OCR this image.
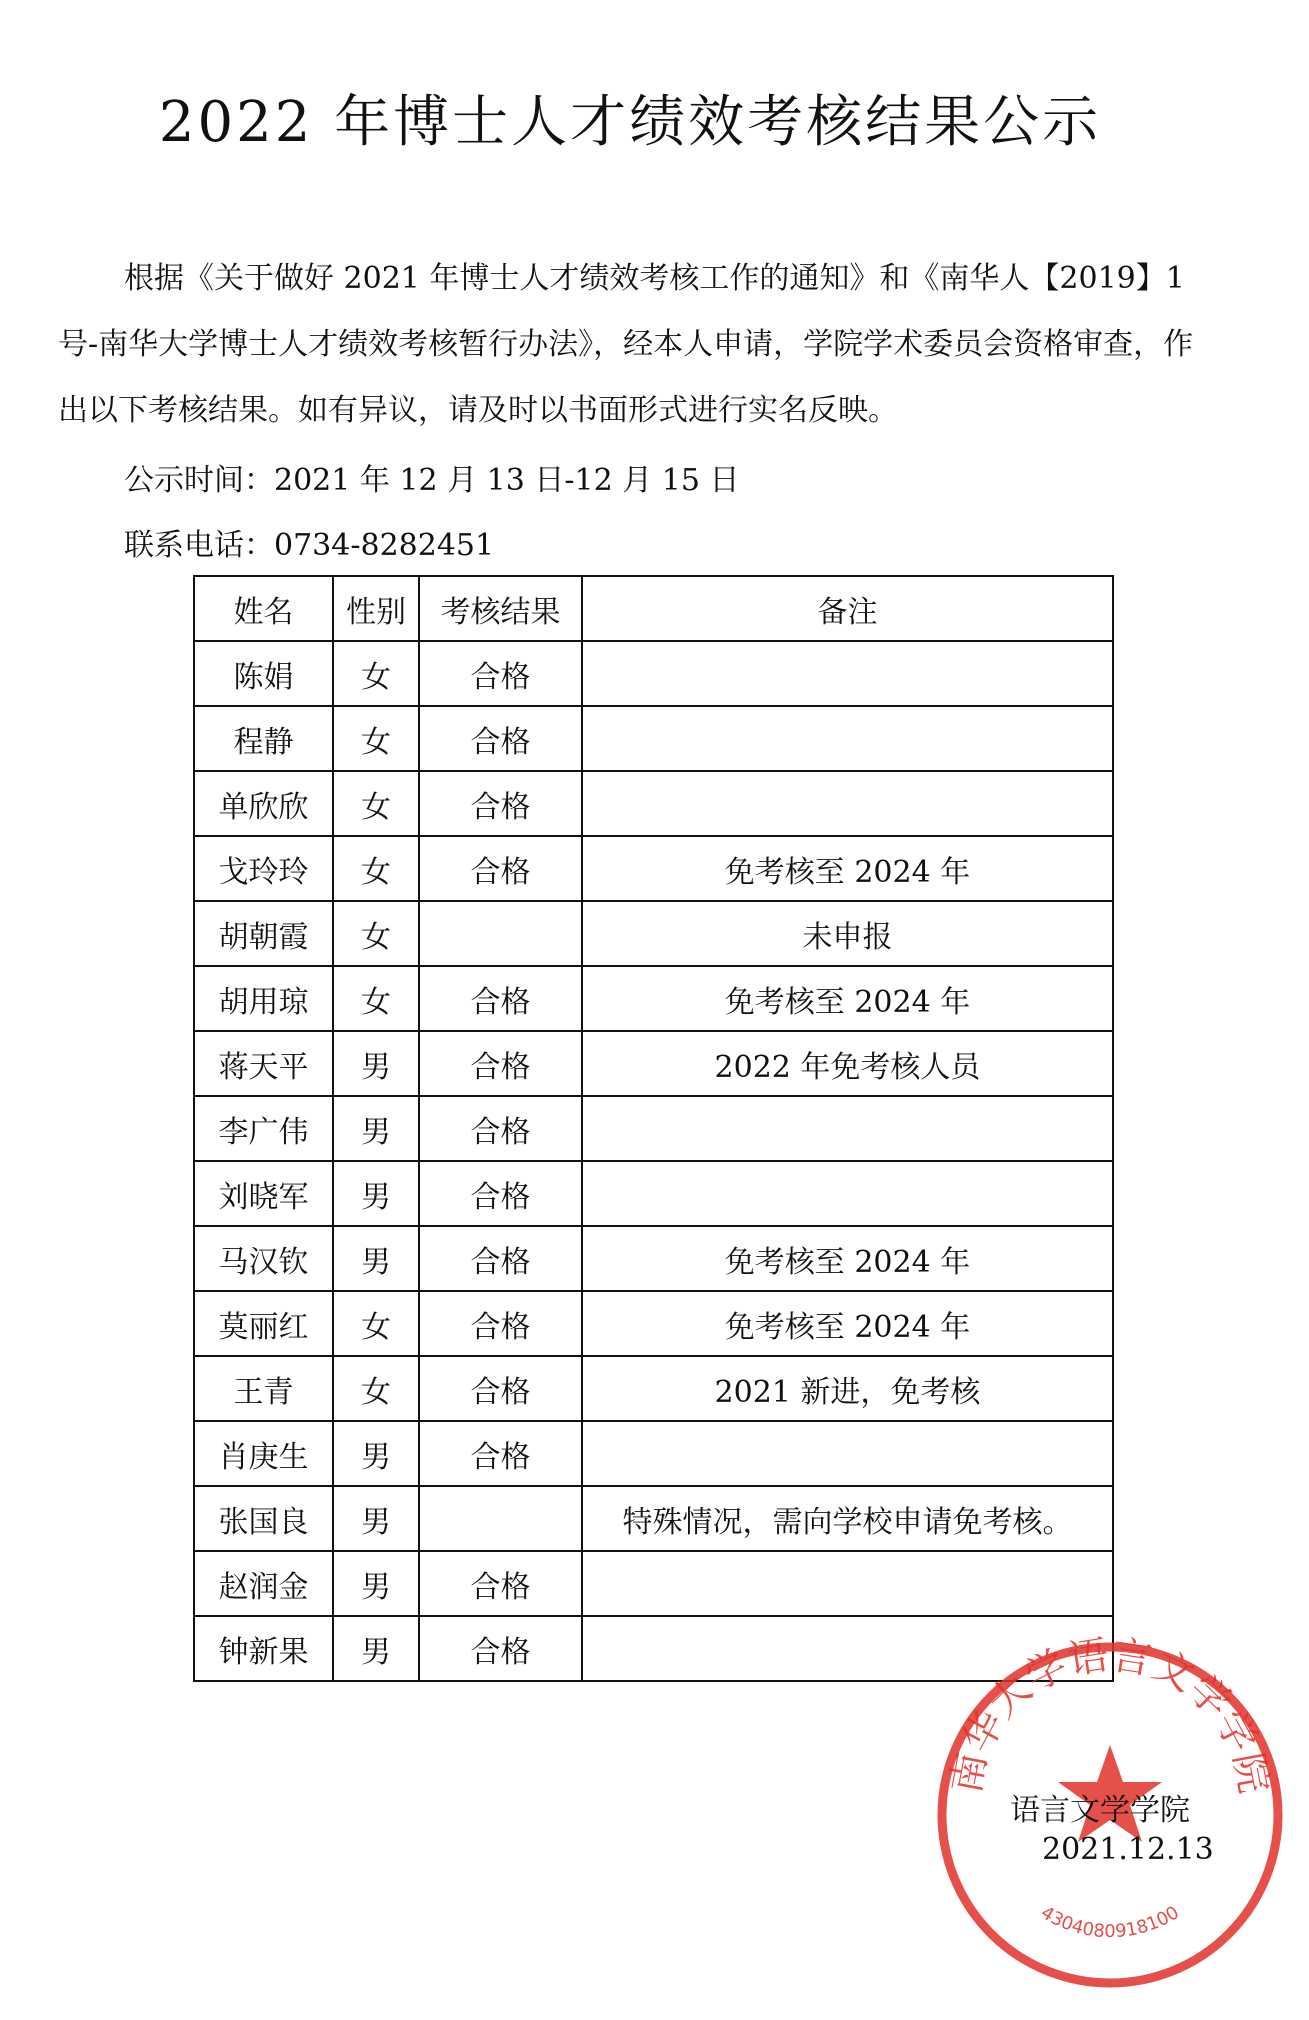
2022 年博士人才绩效考核结果公示

根据《关于做好 2021 年博士人才绩效考核工作的通知》和《南华人【2019】1 号-南华大学博士人才绩效考核暂行办法》，经本人申请，学院学术委员会资格审查，作出以下考核结果。如有异议，请及时以书面形式进行实名反映。

公示时间：2021 年 12 月 13 日-12 月 15 日

联系电话：0734-8282451

姓名	性别	考核结果	备注
陈娟	女	合格	
程静	女	合格	
单欣欣	女	合格	
戈玲玲	女	合格	免考核至 2024 年
胡朝霞	女		未申报
胡用琼	女	合格	免考核至 2024 年
蒋天平	男	合格	2022 年免考核人员
李广伟	男	合格	
刘晓军	男	合格	
马汉钦	男	合格	免考核至 2024 年
莫丽红	女	合格	免考核至 2024 年
王青	女	合格	2021 新进，免考核
肖庚生	男	合格	
张国良	男		特殊情况，需向学校申请免考核。
赵润金	男	合格	
钟新果	男	合格	
南华大学语言文学学院
4304080918100

语言文学学院

2021.12.13
